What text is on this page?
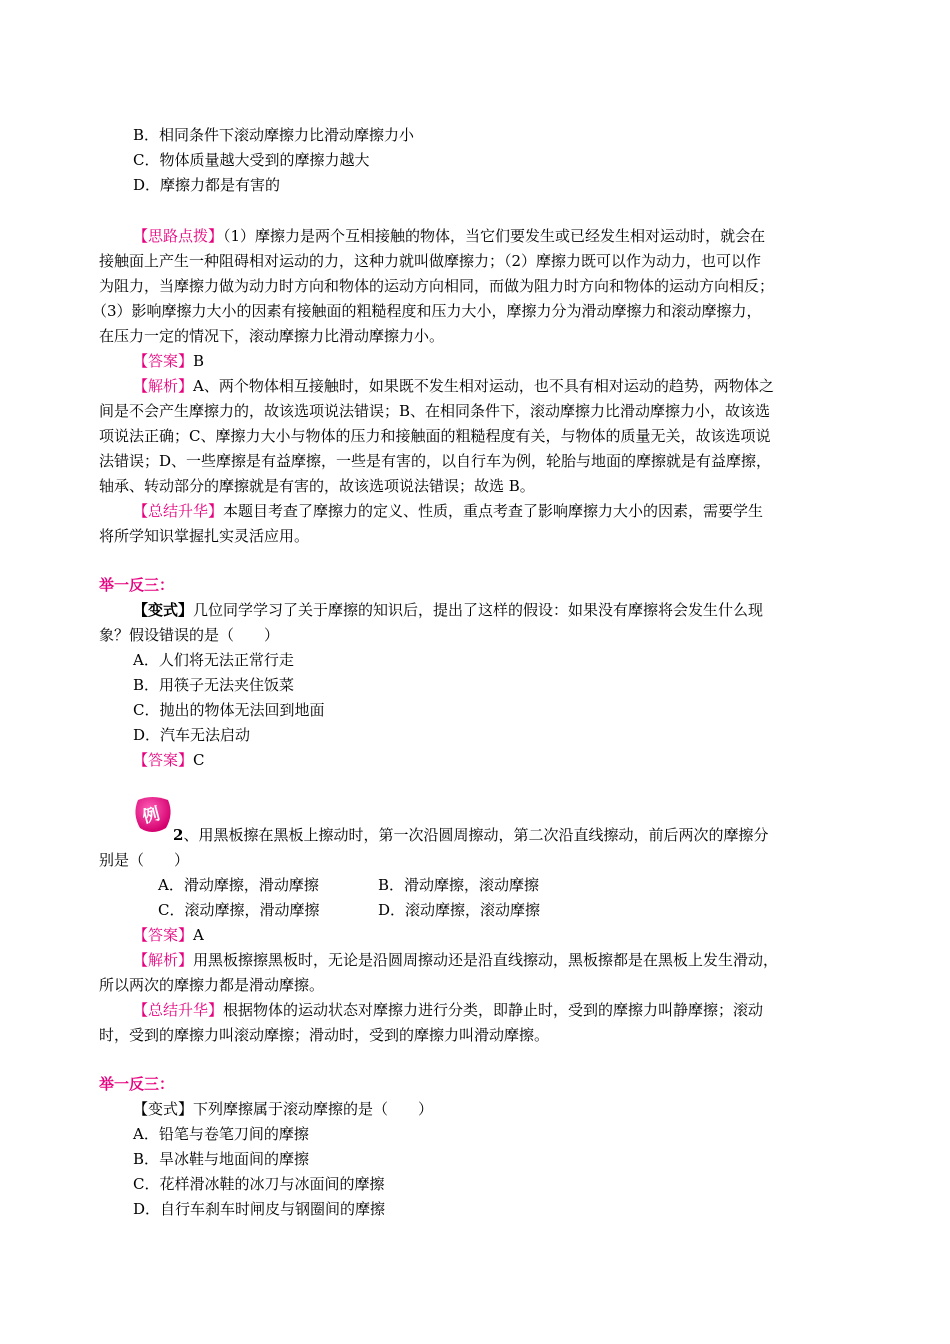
B．相同条件下滚动摩擦力比滑动摩擦力小
C．物体质量越大受到的摩擦力越大
D．摩擦力都是有害的
【思路点拨】（1）摩擦力是两个互相接触的物体，当它们要发生或已经发生相对运动时，就会在
接触面上产生一种阻碍相对运动的力，这种力就叫做摩擦力；（2）摩擦力既可以作为动力，也可以作
为阻力，当摩擦力做为动力时方向和物体的运动方向相同，而做为阻力时方向和物体的运动方向相反；
（3）影响摩擦力大小的因素有接触面的粗糙程度和压力大小，摩擦力分为滑动摩擦力和滚动摩擦力，
在压力一定的情况下，滚动摩擦力比滑动摩擦力小。
【答案】B
【解析】A、两个物体相互接触时，如果既不发生相对运动，也不具有相对运动的趋势，两物体之
间是不会产生摩擦力的，故该选项说法错误；B、在相同条件下，滚动摩擦力比滑动摩擦力小，故该选
项说法正确；C、摩擦力大小与物体的压力和接触面的粗糙程度有关，与物体的质量无关，故该选项说
法错误；D、一些摩擦是有益摩擦，一些是有害的，以自行车为例，轮胎与地面的摩擦就是有益摩擦，
轴承、转动部分的摩擦就是有害的，故该选项说法错误；故选 B。
【总结升华】本题目考查了摩擦力的定义、性质，重点考查了影响摩擦力大小的因素，需要学生
将所学知识掌握扎实灵活应用。
举一反三：
【变式】几位同学学习了关于摩擦的知识后，提出了这样的假设：如果没有摩擦将会发生什么现
象？假设错误的是（　　）
A．人们将无法正常行走
B．用筷子无法夹住饭菜
C．抛出的物体无法回到地面
D．汽车无法启动
【答案】C
例
2、用黑板擦在黑板上擦动时，第一次沿圆周擦动，第二次沿直线擦动，前后两次的摩擦分
别是（　　）
A．滑动摩擦，滑动摩擦	B．滑动摩擦，滚动摩擦
C．滚动摩擦，滑动摩擦	D．滚动摩擦，滚动摩擦
【答案】A
【解析】用黑板擦擦黑板时，无论是沿圆周擦动还是沿直线擦动，黑板擦都是在黑板上发生滑动，
所以两次的摩擦力都是滑动摩擦。
【总结升华】根据物体的运动状态对摩擦力进行分类，即静止时，受到的摩擦力叫静摩擦；滚动
时，受到的摩擦力叫滚动摩擦；滑动时，受到的摩擦力叫滑动摩擦。
举一反三：
【变式】下列摩擦属于滚动摩擦的是（　　）
A．铅笔与卷笔刀间的摩擦
B．旱冰鞋与地面间的摩擦
C．花样滑冰鞋的冰刀与冰面间的摩擦
D．自行车刹车时闸皮与钢圈间的摩擦
